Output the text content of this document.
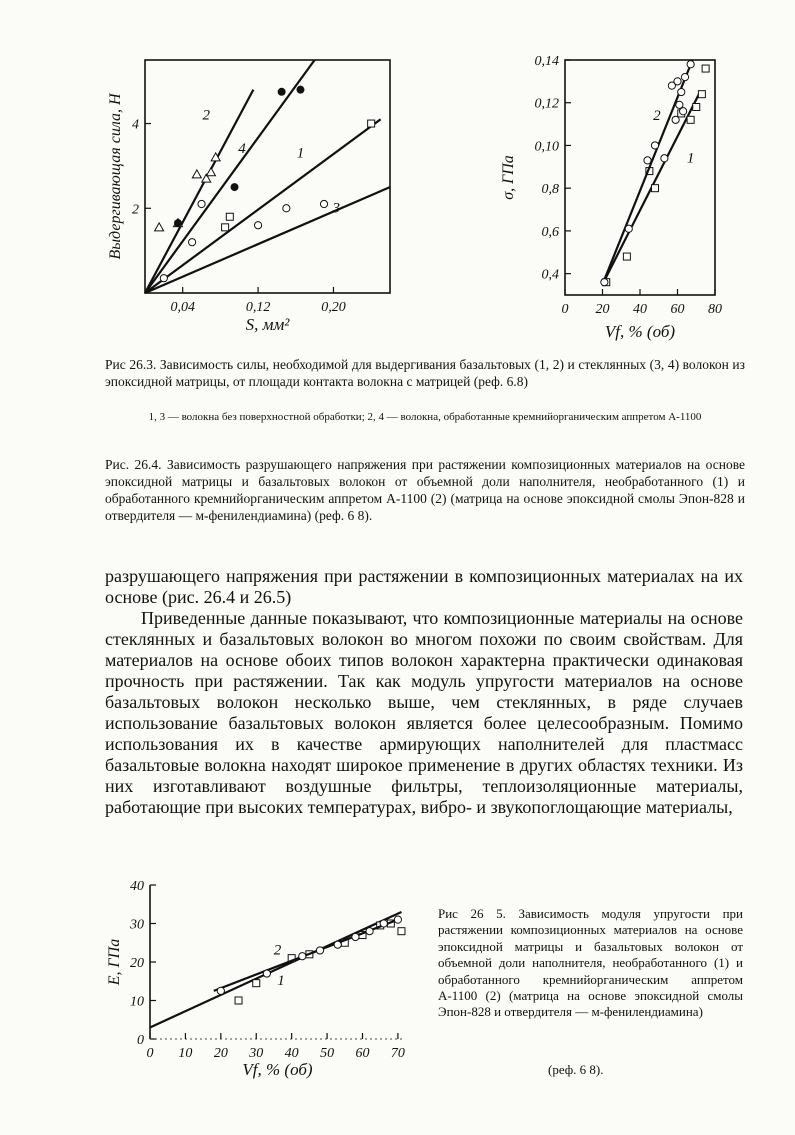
0,04	0,12	0,20
2
4
S, мм²
Выдергивающая сила, Н	1
2
3
4
0 20 40 60 80
0,4
0,6
0,8
0,10
0,12
0,14
Vf, % (об)
σ, ГПа	1
2
Рис 26.3. Зависимость силы, необходимой для выдергивания базальтовых (1, 2) и стеклянных (3, 4) волокон из эпоксидной матрицы, от площади контакта волокна с матрицей (реф. 6.8)
1, 3 — волокна без поверхностной обработки; 2, 4 — волокна, обработанные кремнийорганическим аппретом А-1100
Рис. 26.4. Зависимость разрушающего напряжения при растяжении композиционных материалов на основе эпоксидной матрицы и базальтовых волокон от объемной доли наполнителя, необработанного (1) и обработанного кремнийорганическим аппретом А-1100 (2) (матрица на основе эпоксидной смолы Эпон-828 и отвердителя — м-фенилендиамина) (реф. 6 8).

разрушающего напряжения при растяжении в композиционных материалах на их основе (рис. 26.4 и 26.5)

Приведенные данные показывают, что композиционные материалы на основе стеклянных и базальтовых волокон во многом похожи по своим свойствам. Для материалов на основе обоих типов волокон характерна практически одинаковая прочность при растяжении. Так как модуль упругости материалов на основе базальтовых волокон несколько выше, чем стеклянных, в ряде случаев использование базальтовых волокон является более целесообразным. Помимо использования их в качестве армирующих наполнителей для пластмасс базальтовые волокна находят широкое применение в других областях техники. Из них изготавливают воздушные фильтры, теплоизоляционные материалы, работающие при высоких температурах, вибро- и звукопоглощающие материалы,

0 10 20 30 40 50 60 70
0
10
20
30
40
Vf, % (об)
E, ГПа	1
2
Рис 26 5. Зависимость модуля упругости при растяжении композиционных материалов на основе эпоксидной матрицы и базальтовых волокон от объемной доли наполнителя, необработанного (1) и обработанного кремнийорганическим аппретом А-1100 (2) (матрица на основе эпоксидной смолы Эпон-828 и отвердителя — м-фенилендиамина)
(реф. 6 8).
